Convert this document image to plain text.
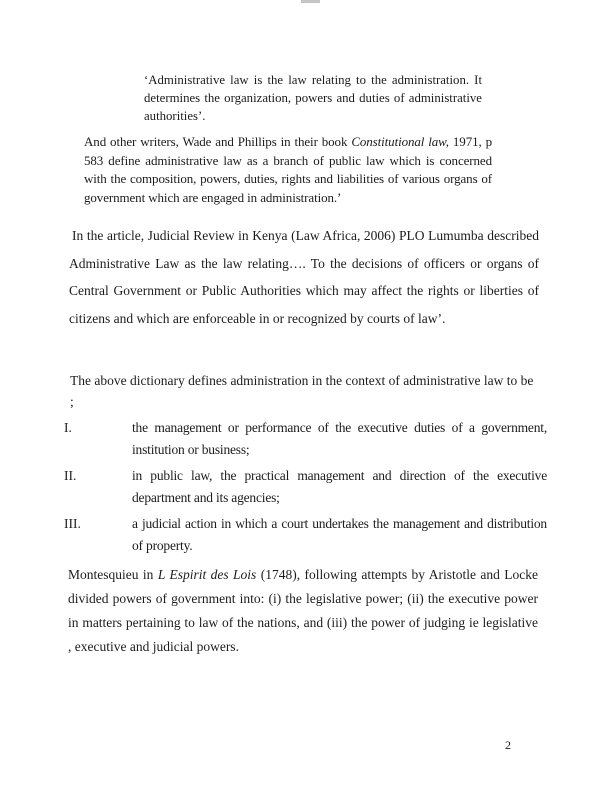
‘Administrative law is the law relating to the administration. It determines the organization, powers and duties of administrative authorities’.
And other writers, Wade and Phillips in their book Constitutional law, 1971, p 583 define administrative law as a branch of public law which is concerned with the composition, powers, duties, rights and liabilities of various organs of government which are engaged in administration.’
In the article, Judicial Review in Kenya (Law Africa, 2006) PLO Lumumba described Administrative Law as the law relating…. To the decisions of officers or organs of Central Government or Public Authorities which may affect the rights or liberties of citizens and which are enforceable in or recognized by courts of law’.
The above dictionary defines administration in the context of administrative law to be ;
I.	the management or performance of the executive duties of a government, institution or business;
II.	in public law, the practical management and direction of the executive department and its agencies;
III.	a judicial action in which a court undertakes the management and distribution of property.
Montesquieu in L Espirit des Lois (1748), following attempts by Aristotle and Locke divided powers of government into: (i) the legislative power; (ii) the executive power in matters pertaining to law of the nations, and (iii) the power of judging ie legislative , executive and judicial powers.
2
